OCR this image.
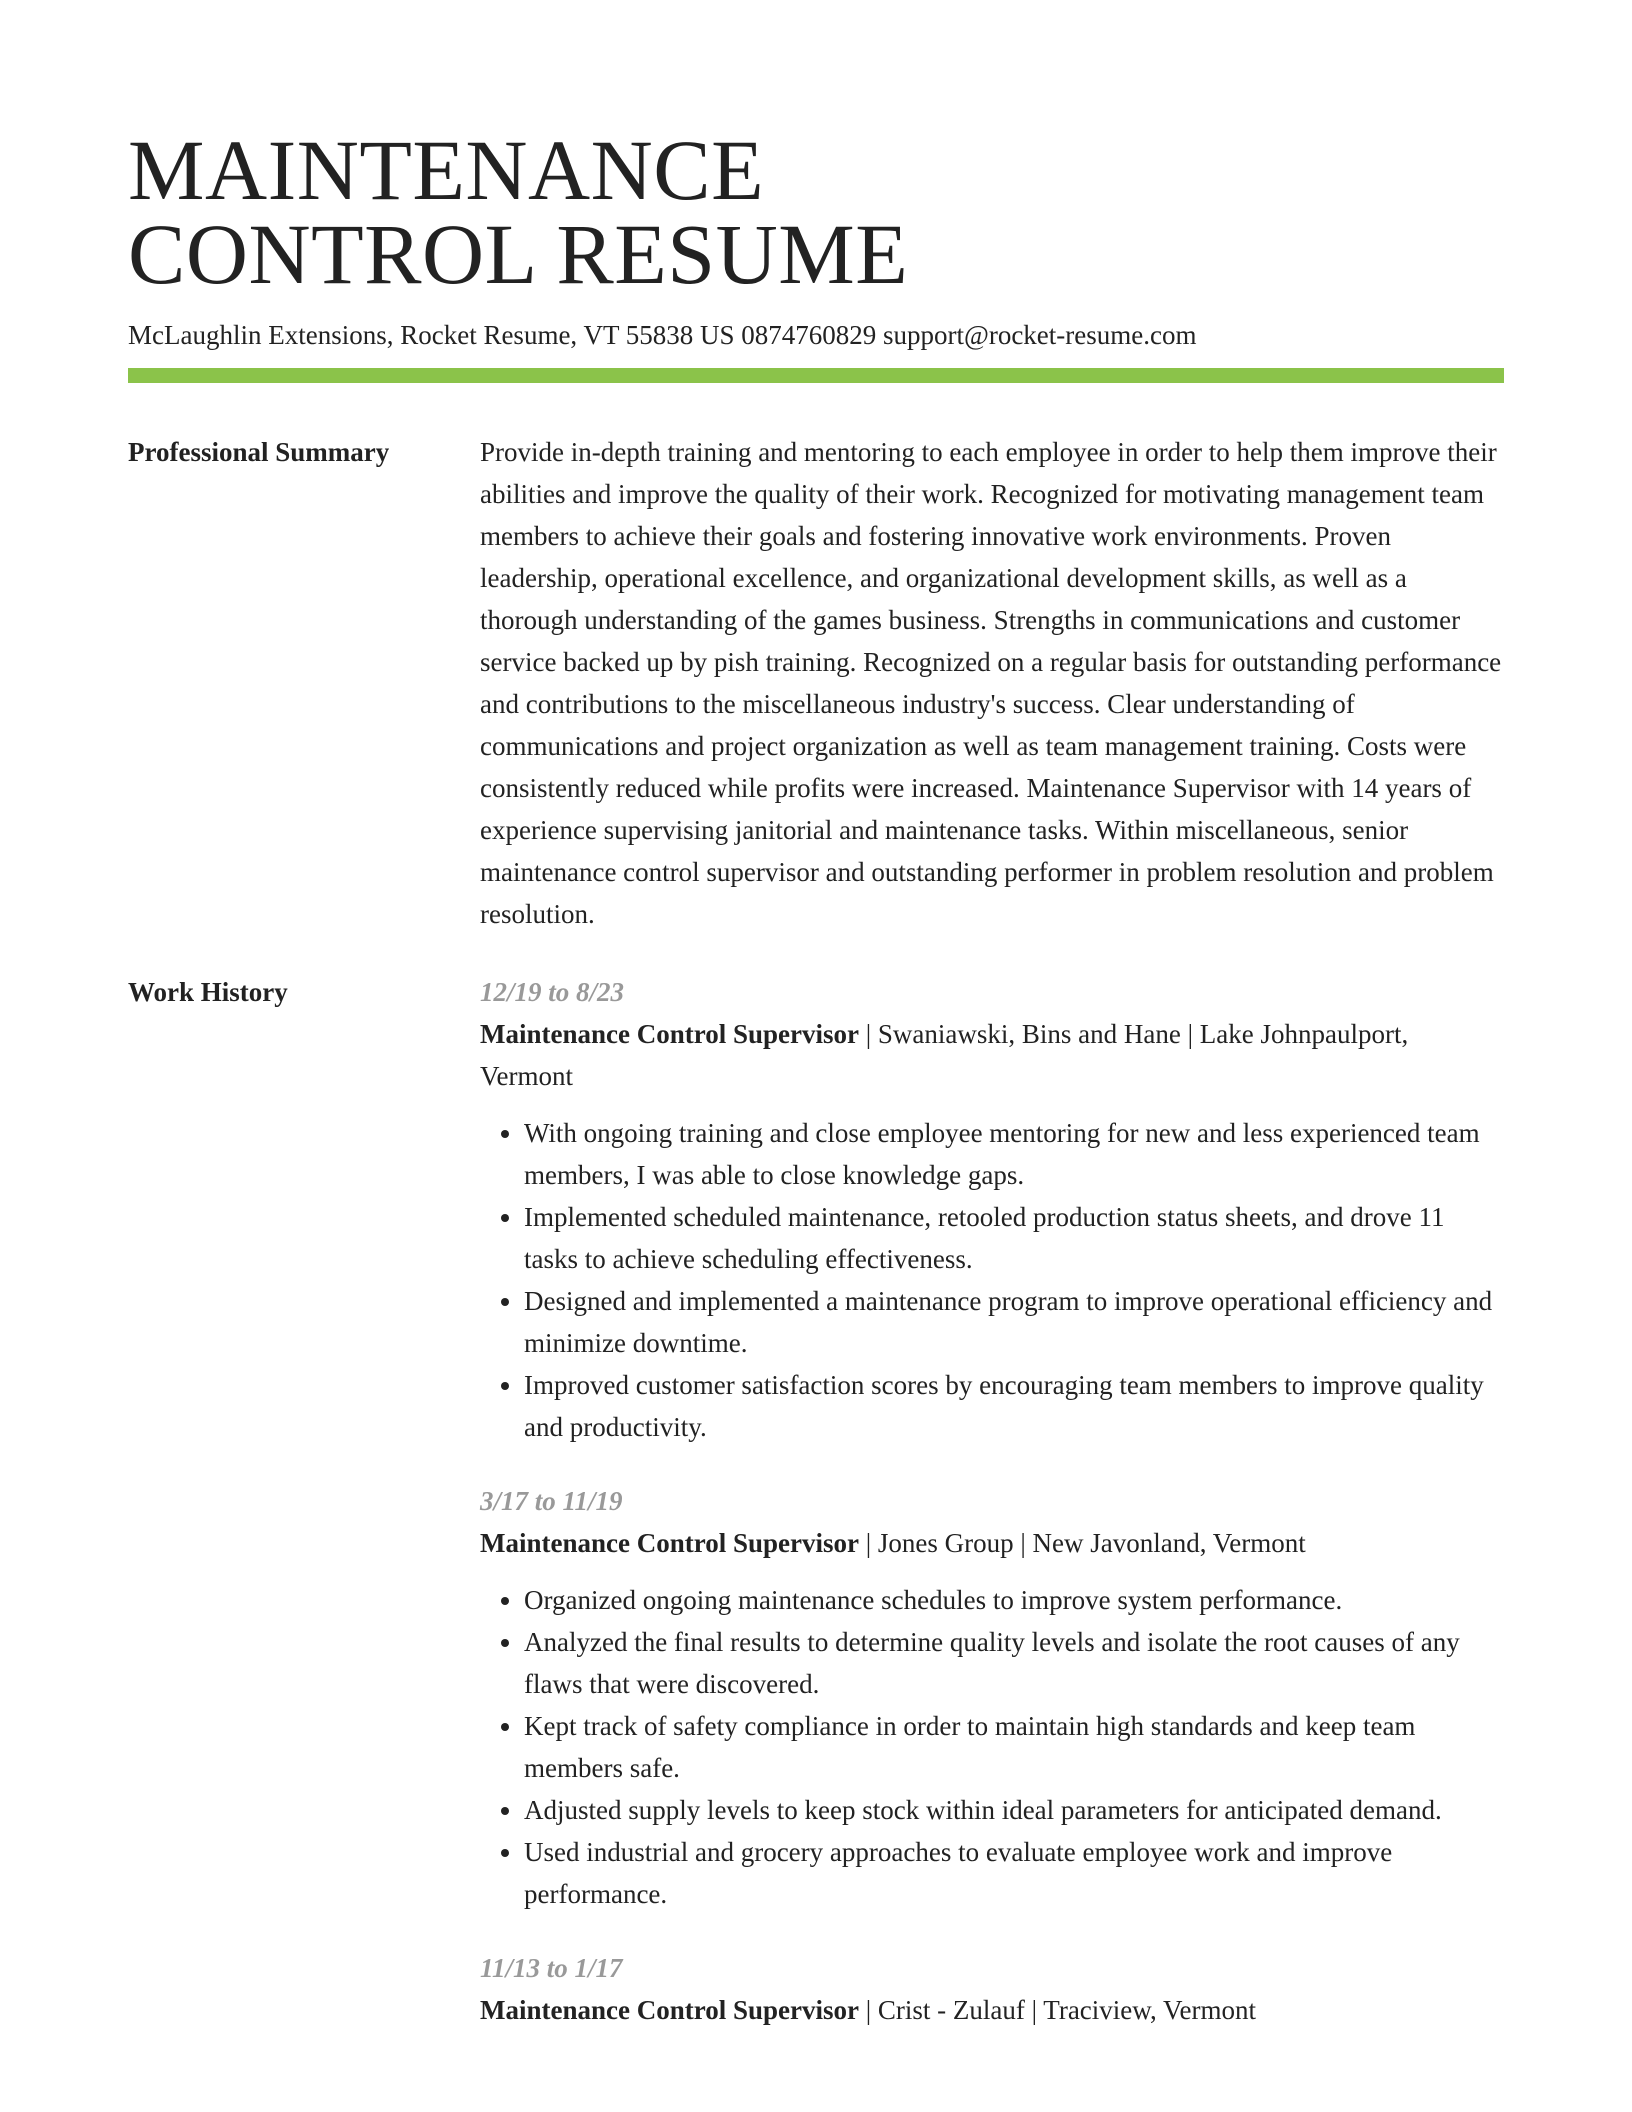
MAINTENANCE
CONTROL RESUME
McLaughlin Extensions, Rocket Resume, VT 55838 US 0874760829 support@rocket-resume.com
Professional Summary	Provide in-depth training and mentoring to each employee in order to help them improve their abilities and improve the quality of their work. Recognized for motivating management team members to achieve their goals and fostering innovative work environments. Proven leadership, operational excellence, and organizational development skills, as well as a thorough understanding of the games business. Strengths in communications and customer service backed up by pish training. Recognized on a regular basis for outstanding performance and contributions to the miscellaneous industry's success. Clear understanding of communications and project organization as well as team management training. Costs were consistently reduced while profits were increased. Maintenance Supervisor with 14 years of experience supervising janitorial and maintenance tasks. Within miscellaneous, senior maintenance control supervisor and outstanding performer in problem resolution and problem resolution.

Work History	12/19 to 8/23
Maintenance Control Supervisor | Swaniawski, Bins and Hane | Lake Johnpaulport, Vermont
• With ongoing training and close employee mentoring for new and less experienced team members, I was able to close knowledge gaps.
• Implemented scheduled maintenance, retooled production status sheets, and drove 11 tasks to achieve scheduling effectiveness.
• Designed and implemented a maintenance program to improve operational efficiency and minimize downtime.
• Improved customer satisfaction scores by encouraging team members to improve quality and productivity.
3/17 to 11/19
Maintenance Control Supervisor | Jones Group | New Javonland, Vermont
• Organized ongoing maintenance schedules to improve system performance.
• Analyzed the final results to determine quality levels and isolate the root causes of any flaws that were discovered.
• Kept track of safety compliance in order to maintain high standards and keep team members safe.
• Adjusted supply levels to keep stock within ideal parameters for anticipated demand.
• Used industrial and grocery approaches to evaluate employee work and improve performance.
11/13 to 1/17
Maintenance Control Supervisor | Crist - Zulauf | Traciview, Vermont
